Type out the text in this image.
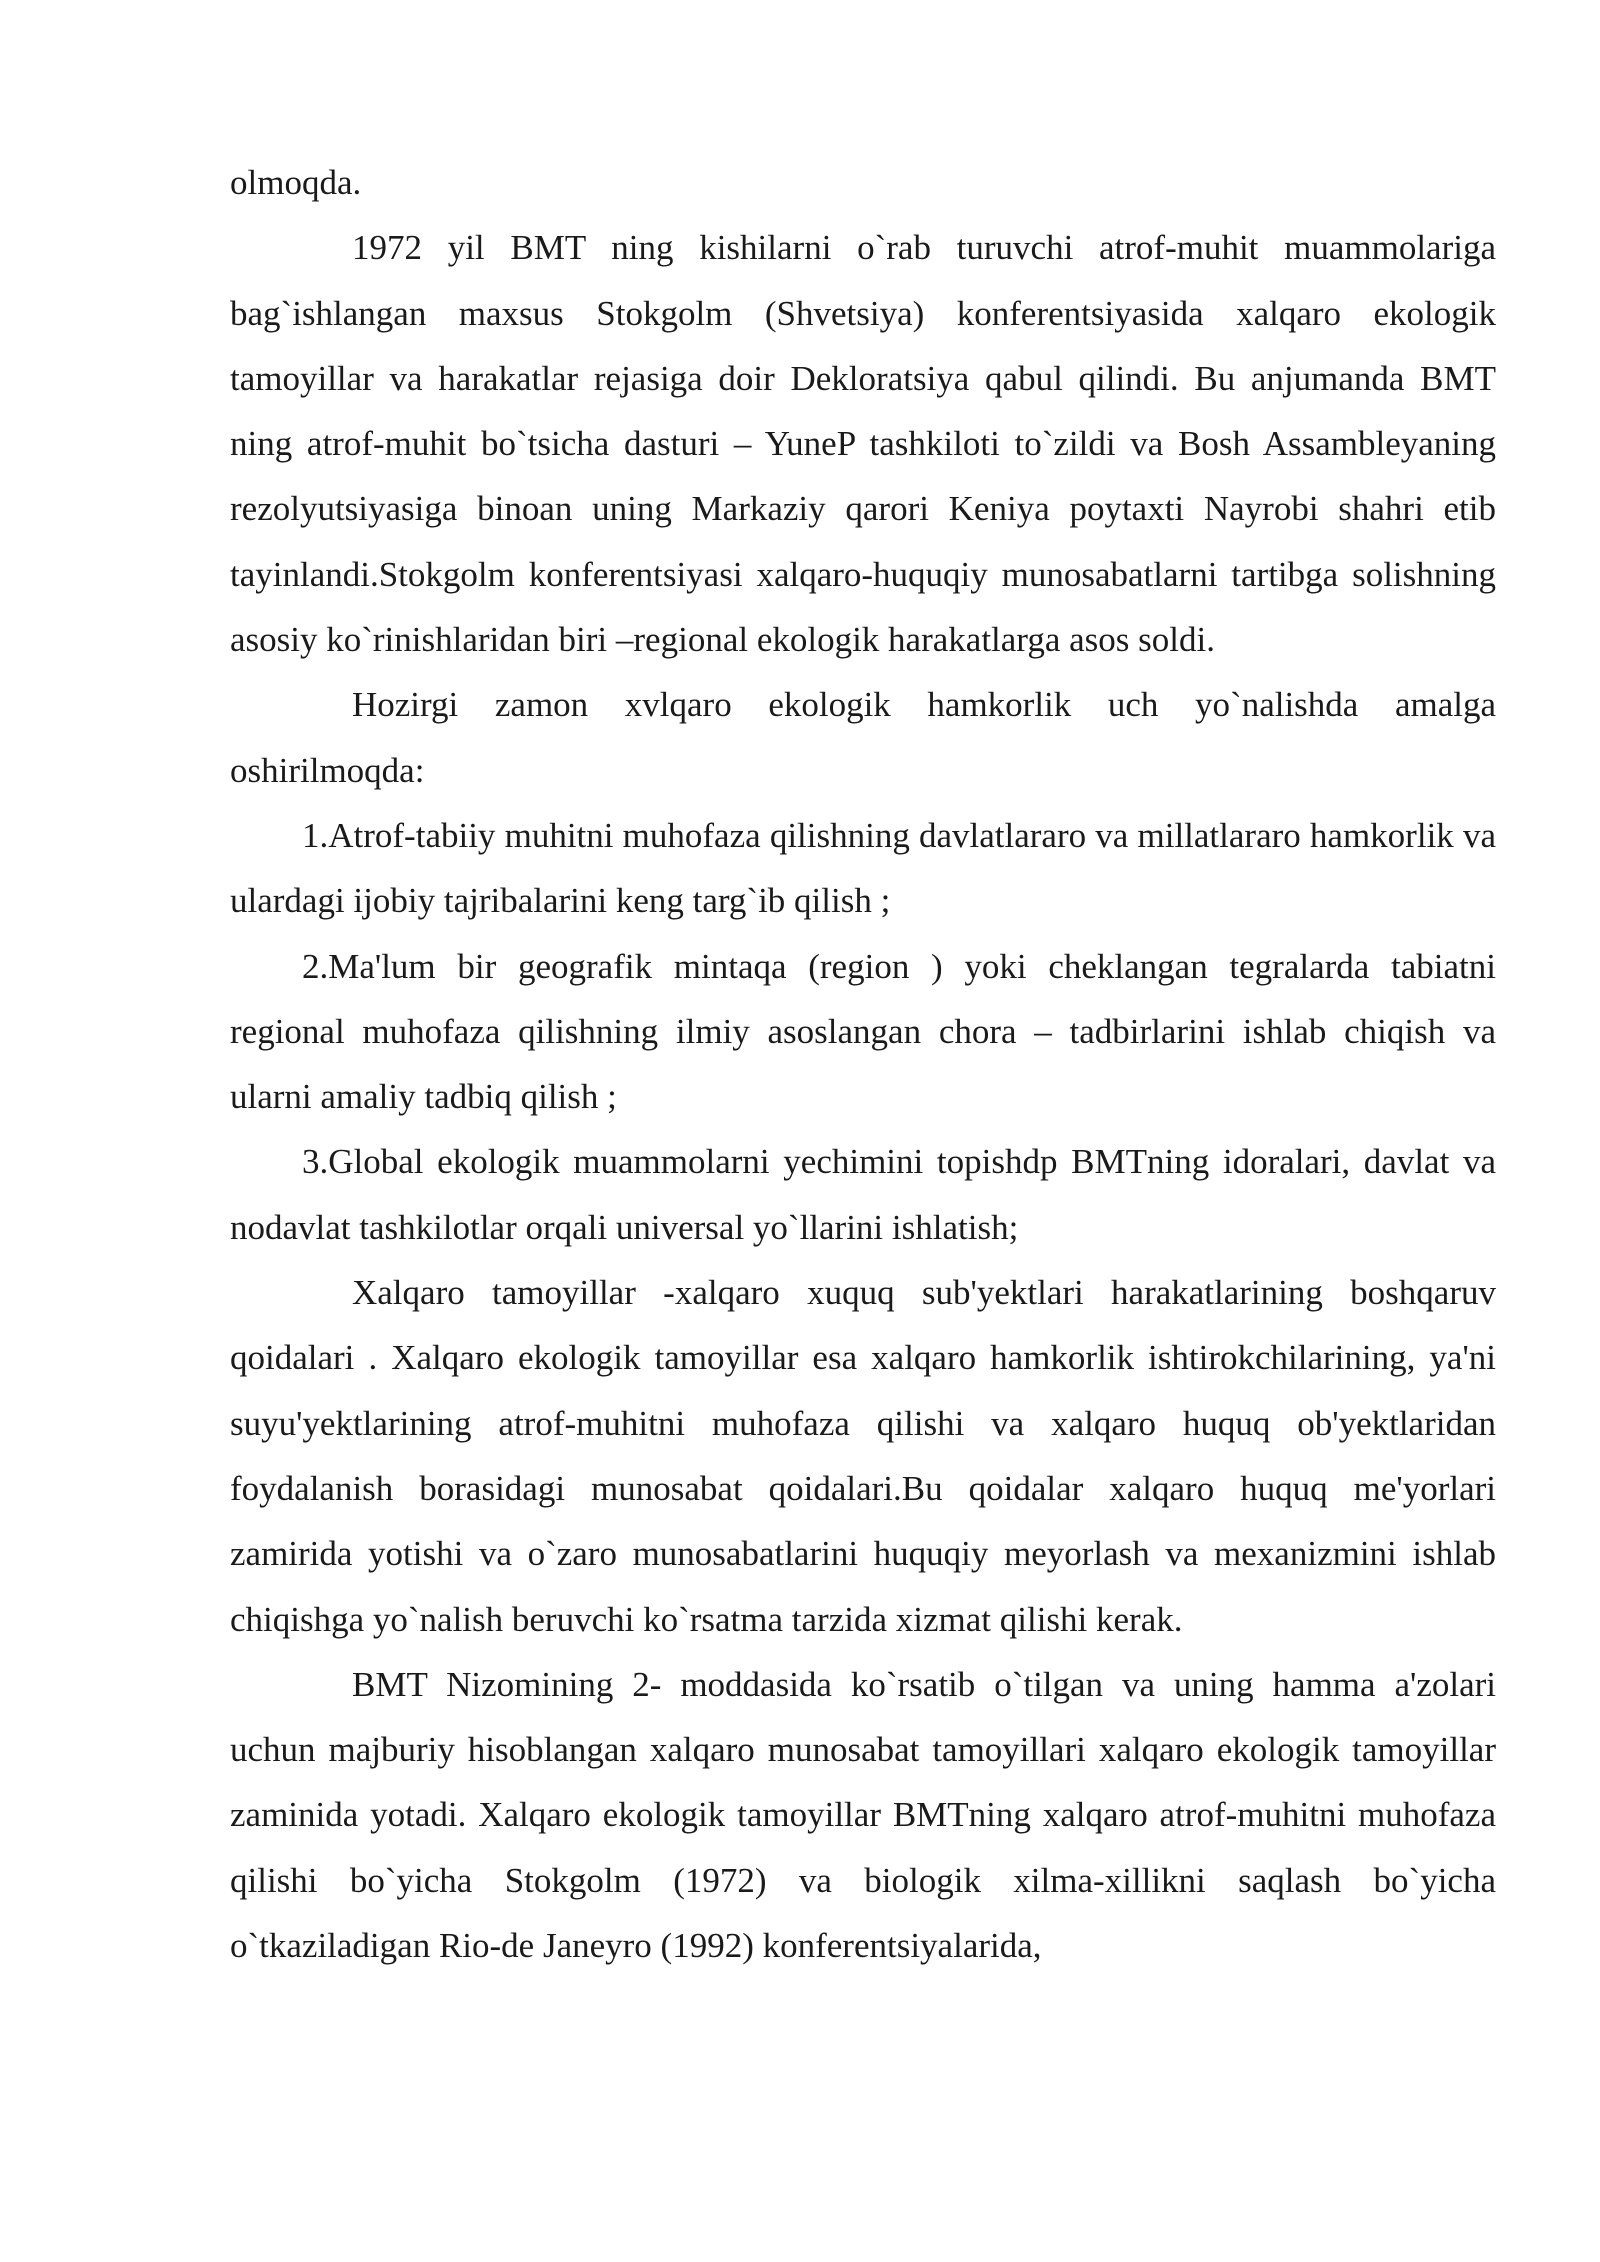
olmoqda.

1972 yil BMT ning kishilarni o`rab turuvchi atrof-muhit muammolariga bag`ishlangan maxsus Stokgolm (Shvetsiya) konferentsiyasida xalqaro ekologik tamoyillar va harakatlar rejasiga doir Dekloratsiya qabul qilindi. Bu anjumanda BMT ning atrof-muhit bo`tsicha dasturi – YuneP tashkiloti to`zildi va Bosh Assambleyaning rezolyutsiyasiga binoan uning Markaziy qarori Keniya poytaxti Nayrobi shahri etib tayinlandi.Stokgolm konferentsiyasi xalqaro-huquqiy munosabatlarni tartibga solishning asosiy ko`rinishlaridan biri –regional ekologik harakatlarga asos soldi.

Hozirgi zamon xvlqaro ekologik hamkorlik uch yo`nalishda amalga oshirilmoqda:

1.Atrof-tabiiy muhitni muhofaza qilishning davlatlararo va millatlararo hamkorlik va ulardagi ijobiy tajribalarini keng targ`ib qilish ;

2.Ma'lum bir geografik mintaqa (region ) yoki cheklangan tegralarda tabiatni regional muhofaza qilishning ilmiy asoslangan chora – tadbirlarini ishlab chiqish va ularni amaliy tadbiq qilish ;

3.Global ekologik muammolarni yechimini topishdp BMTning idoralari, davlat va nodavlat tashkilotlar orqali universal yo`llarini ishlatish;

Xalqaro tamoyillar -xalqaro xuquq sub'yektlari harakatlarining boshqaruv qoidalari . Xalqaro ekologik tamoyillar esa xalqaro hamkorlik ishtirokchilarining, ya'ni suyu'yektlarining atrof-muhitni muhofaza qilishi va xalqaro huquq ob'yektlaridan foydalanish borasidagi munosabat qoidalari.Bu qoidalar xalqaro huquq me'yorlari zamirida yotishi va o`zaro munosabatlarini huquqiy meyorlash va mexanizmini ishlab chiqishga yo`nalish beruvchi ko`rsatma tarzida xizmat qilishi kerak.

BMT Nizomining 2- moddasida ko`rsatib o`tilgan va uning hamma a'zolari uchun majburiy hisoblangan xalqaro munosabat tamoyillari xalqaro ekologik tamoyillar zaminida yotadi. Xalqaro ekologik tamoyillar BMTning xalqaro atrof-muhitni muhofaza qilishi bo`yicha Stokgolm (1972) va biologik xilma-xillikni saqlash bo`yicha o`tkaziladigan Rio-de Janeyro (1992) konferentsiyalarida,
